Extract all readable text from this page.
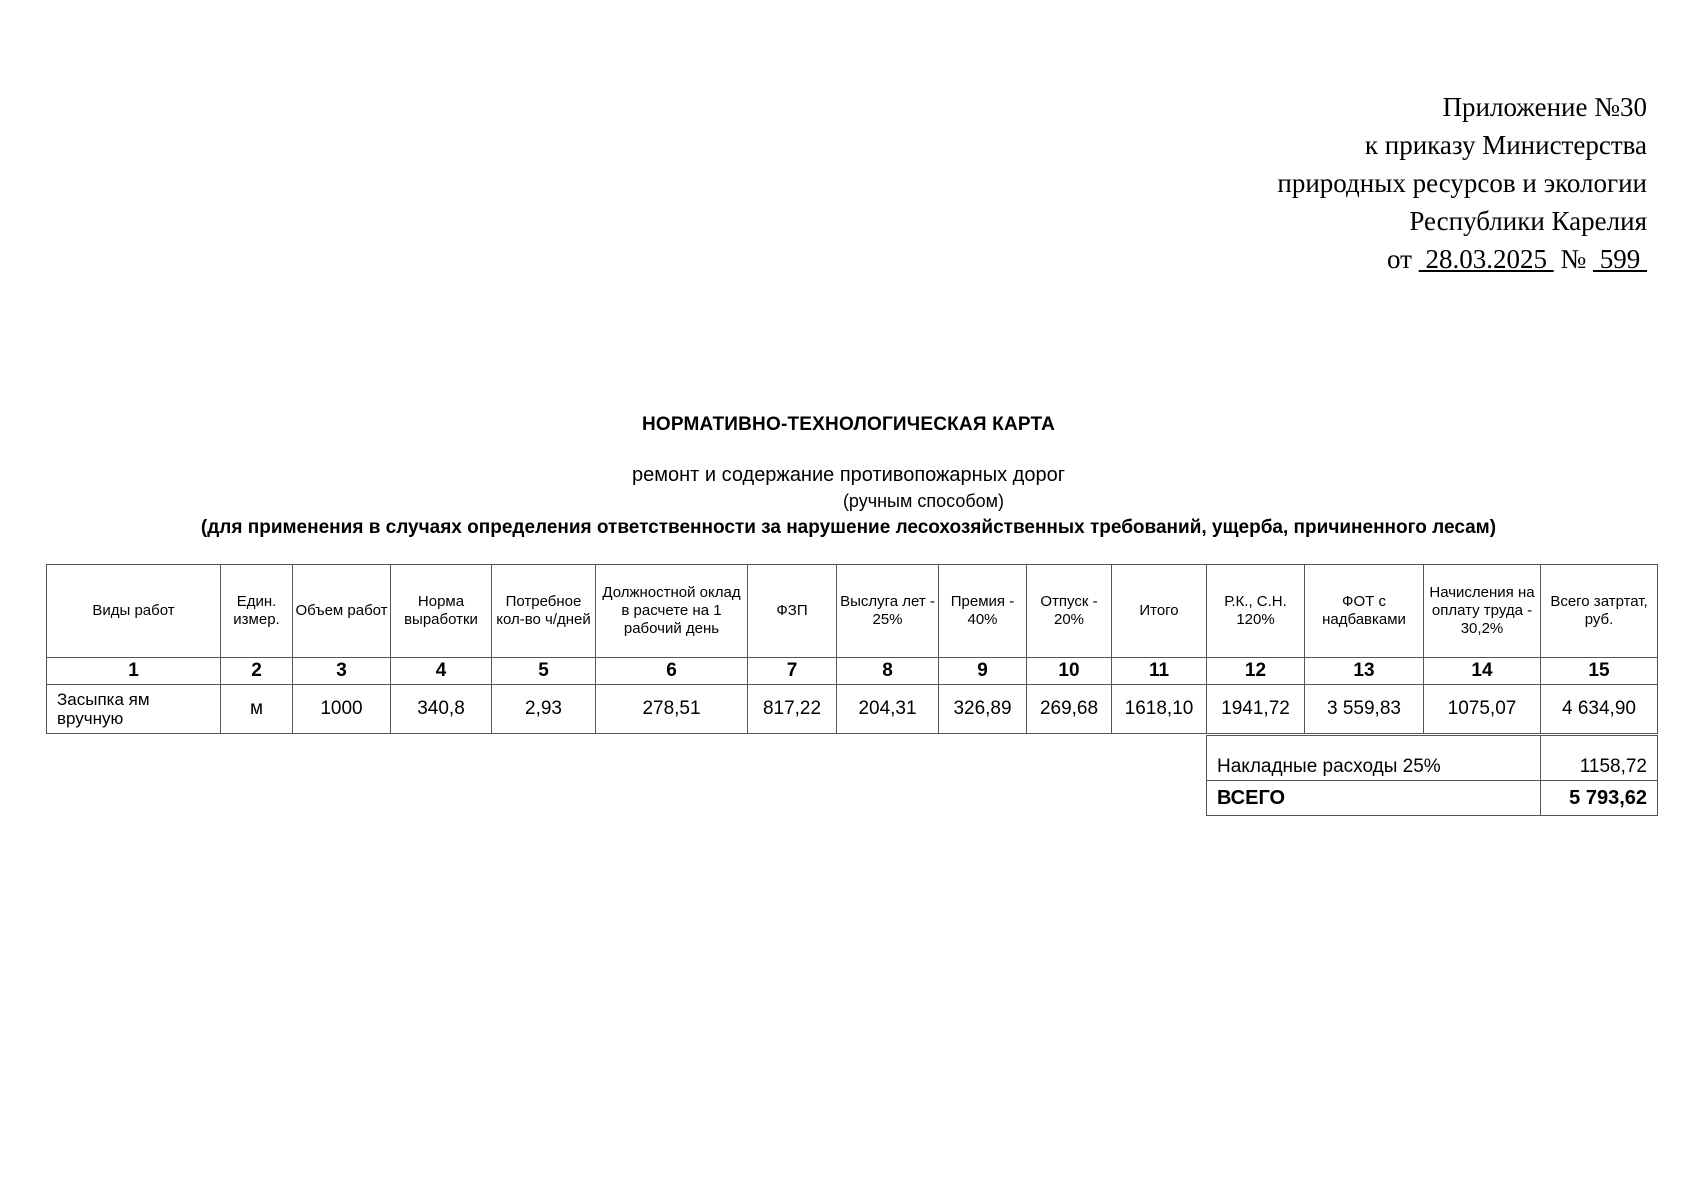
Приложение №30
к приказу Министерства
природных ресурсов и экологии
Республики Карелия
от  28.03.2025  №  599
НОРМАТИВНО-ТЕХНОЛОГИЧЕСКАЯ КАРТА
ремонт и содержание противопожарных дорог
(ручным способом)
(для применения в случаях определения ответственности за нарушение лесохозяйственных требований, ущерба, причиненного лесам)
Виды работ	Един. измер.	Объем работ	Норма выработки	Потребное кол-во ч/дней	Должностной оклад в расчете на 1 рабочий день	ФЗП	Выслуга лет - 25%	Премия - 40%	Отпуск - 20%	Итого	Р.К., С.Н. 120%	ФОТ с надбавками	Начисления на оплату труда - 30,2%	Всего затртат, руб.
1	2	3	4	5	6	7	8	9	10	11	12	13	14	15
Засыпка ям вручную	м	1000	340,8	2,93	278,51	817,22	204,31	326,89	269,68	1618,10	1941,72	3 559,83	1075,07	4 634,90
Накладные расходы 25%	1158,72
ВСЕГО	5 793,62
